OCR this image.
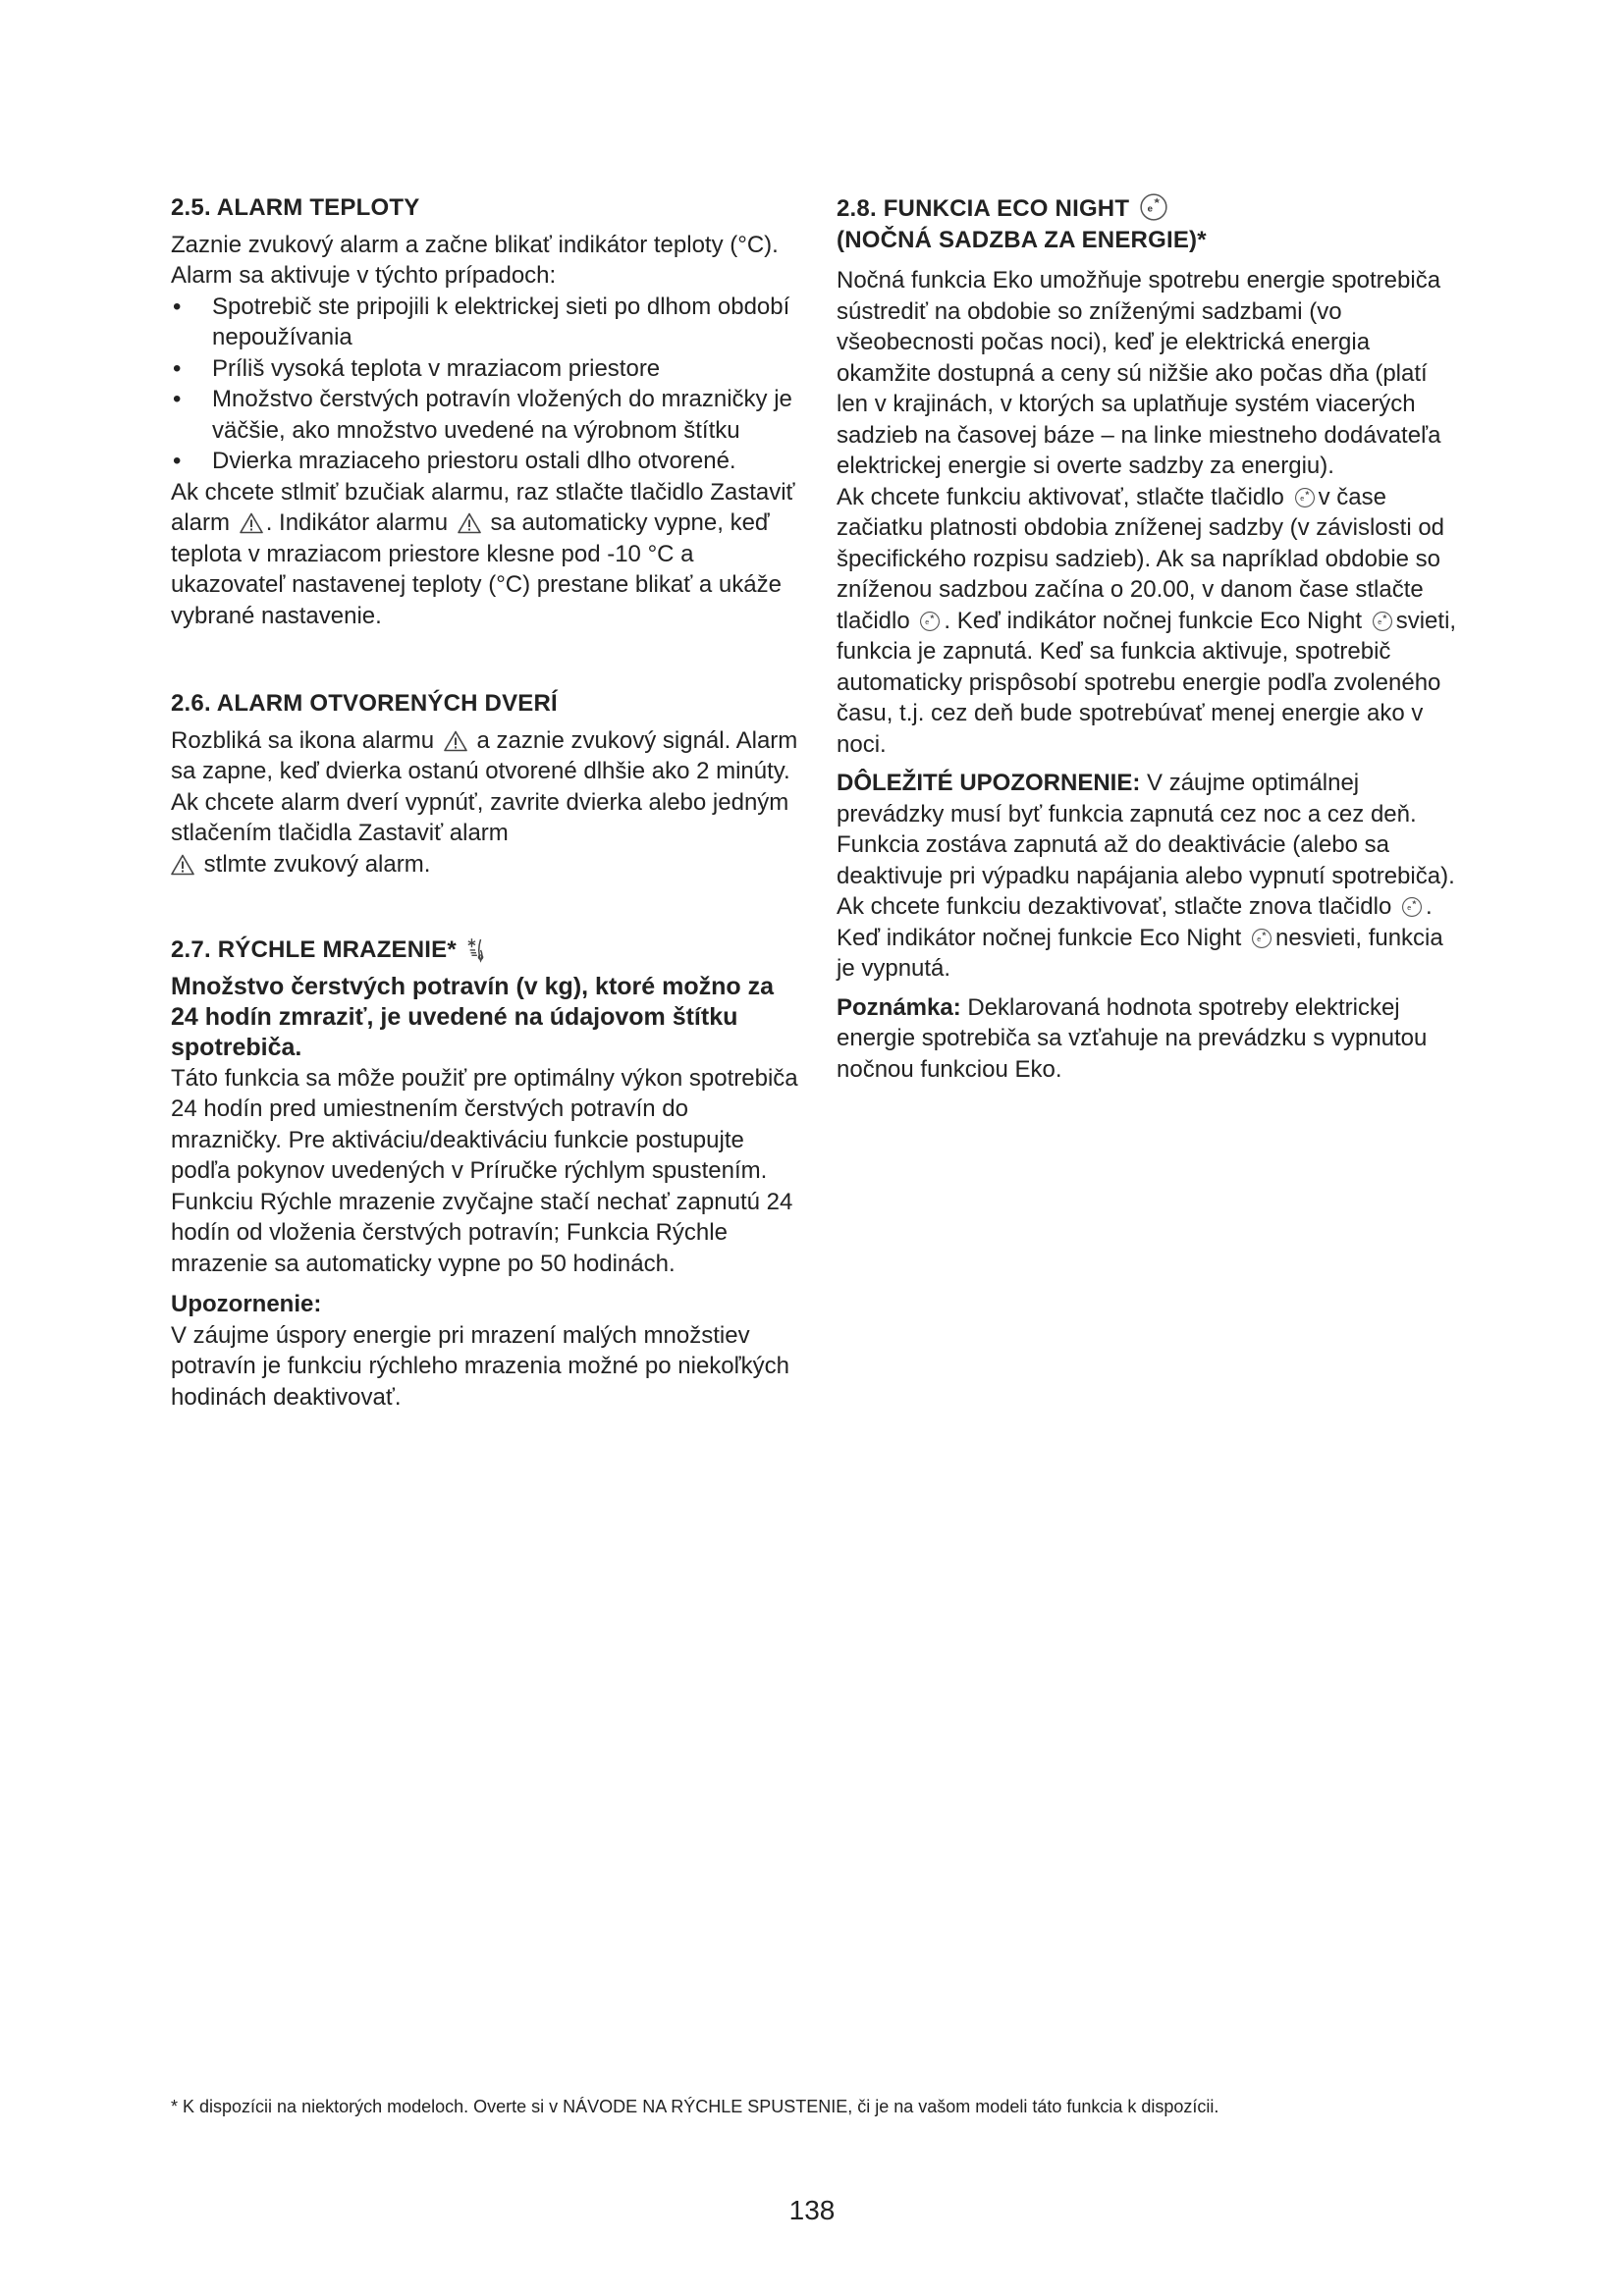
2.5. ALARM TEPLOTY

Zaznie zvukový alarm a začne blikať indikátor teploty (°C). Alarm sa aktivuje v týchto prípadoch:

• Spotrebič ste pripojili k elektrickej sieti po dlhom období nepoužívania
• Príliš vysoká teplota v mraziacom priestore
• Množstvo čerstvých potravín vložených do mrazničky je väčšie, ako množstvo uvedené na výrobnom štítku
• Dvierka mraziaceho priestoru ostali dlho otvorené.

Ak chcete stlmiť bzučiak alarmu, raz stlačte tlačidlo Zastaviť alarm . Indikátor alarmu sa automaticky vypne, keď teplota v mraziacom priestore klesne pod -10 °C a ukazovateľ nastavenej teploty (°C) prestane blikať a ukáže vybrané nastavenie.

2.6. ALARM OTVORENÝCH DVERÍ

Rozbliká sa ikona alarmu a zaznie zvukový signál. Alarm sa zapne, keď dvierka ostanú otvorené dlhšie ako 2 minúty. Ak chcete alarm dverí vypnúť, zavrite dvierka alebo jedným stlačením tlačidla Zastaviť alarm
stlmte zvukový alarm.

2.7. RÝCHLE MRAZENIE*

Množstvo čerstvých potravín (v kg), ktoré možno za 24 hodín zmraziť, je uvedené na údajovom štítku spotrebiča.

Táto funkcia sa môže použiť pre optimálny výkon spotrebiča 24 hodín pred umiestnením čerstvých potravín do mrazničky. Pre aktiváciu/deaktiváciu funkcie postupujte podľa pokynov uvedených v Príručke rýchlym spustením. Funkciu Rýchle mrazenie zvyčajne stačí nechať zapnutú 24 hodín od vloženia čerstvých potravín; Funkcia Rýchle mrazenie sa automaticky vypne po 50 hodinách.

Upozornenie:

V záujme úspory energie pri mrazení malých množstiev potravín je funkciu rýchleho mrazenia možné po niekoľkých hodinách deaktivovať.

2.8. FUNKCIA ECO NIGHT
(NOČNÁ SADZBA ZA ENERGIE)*

Nočná funkcia Eko umožňuje spotrebu energie spotrebiča sústrediť na obdobie so zníženými sadzbami (vo všeobecnosti počas noci), keď je elektrická energia okamžite dostupná a ceny sú nižšie ako počas dňa (platí len v krajinách, v ktorých sa uplatňuje systém viacerých sadzieb na časovej báze – na linke miestneho dodávateľa elektrickej energie si overte sadzby za energiu).

Ak chcete funkciu aktivovať, stlačte tlačidlo v čase začiatku platnosti obdobia zníženej sadzby (v závislosti od špecifického rozpisu sadzieb). Ak sa napríklad obdobie so zníženou sadzbou začína o 20.00, v danom čase stlačte tlačidlo . Keď indikátor nočnej funkcie Eco Night svieti, funkcia je zapnutá. Keď sa funkcia aktivuje, spotrebič automaticky prispôsobí spotrebu energie podľa zvoleného času, t.j. cez deň bude spotrebúvať menej energie ako v noci.

DÔLEŽITÉ UPOZORNENIE: V záujme optimálnej prevádzky musí byť funkcia zapnutá cez noc a cez deň. Funkcia zostáva zapnutá až do deaktivácie (alebo sa deaktivuje pri výpadku napájania alebo vypnutí spotrebiča). Ak chcete funkciu dezaktivovať, stlačte znova tlačidlo . Keď indikátor nočnej funkcie Eco Night nesvieti, funkcia je vypnutá.

Poznámka: Deklarovaná hodnota spotreby elektrickej energie spotrebiča sa vzťahuje na prevádzku s vypnutou nočnou funkciou Eko.

* K dispozícii na niektorých modeloch. Overte si v NÁVODE NA RÝCHLE SPUSTENIE, či je na vašom modeli táto funkcia k dispozícii.
138
